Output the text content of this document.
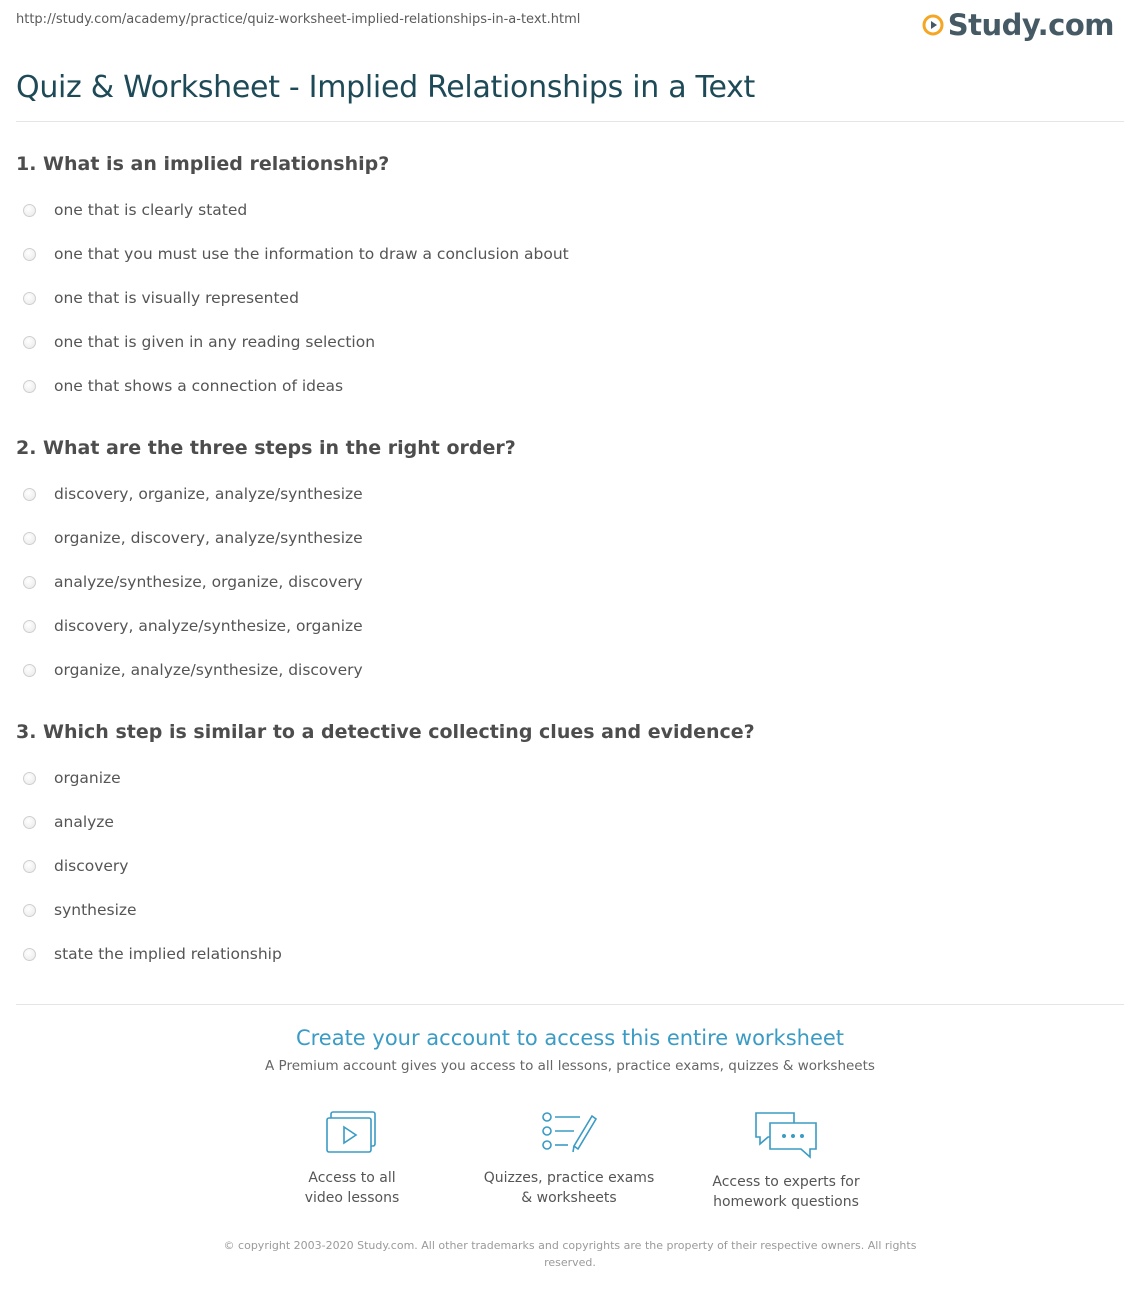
http://study.com/academy/practice/quiz-worksheet-implied-relationships-in-a-text.html	Study.com
Quiz & Worksheet - Implied Relationships in a Text
1. What is an implied relationship?
one that is clearly stated
one that you must use the information to draw a conclusion about
one that is visually represented
one that is given in any reading selection
one that shows a connection of ideas
2. What are the three steps in the right order?
discovery, organize, analyze/synthesize
organize, discovery, analyze/synthesize
analyze/synthesize, organize, discovery
discovery, analyze/synthesize, organize
organize, analyze/synthesize, discovery
3. Which step is similar to a detective collecting clues and evidence?
organize
analyze
discovery
synthesize
state the implied relationship
Create your account to access this entire worksheet
A Premium account gives you access to all lessons, practice exams, quizzes & worksheets
Access to all
video lessons
Quizzes, practice exams
& worksheets
Access to experts for
homework questions
© copyright 2003-2020 Study.com. All other trademarks and copyrights are the property of their respective owners. All rights reserved.
